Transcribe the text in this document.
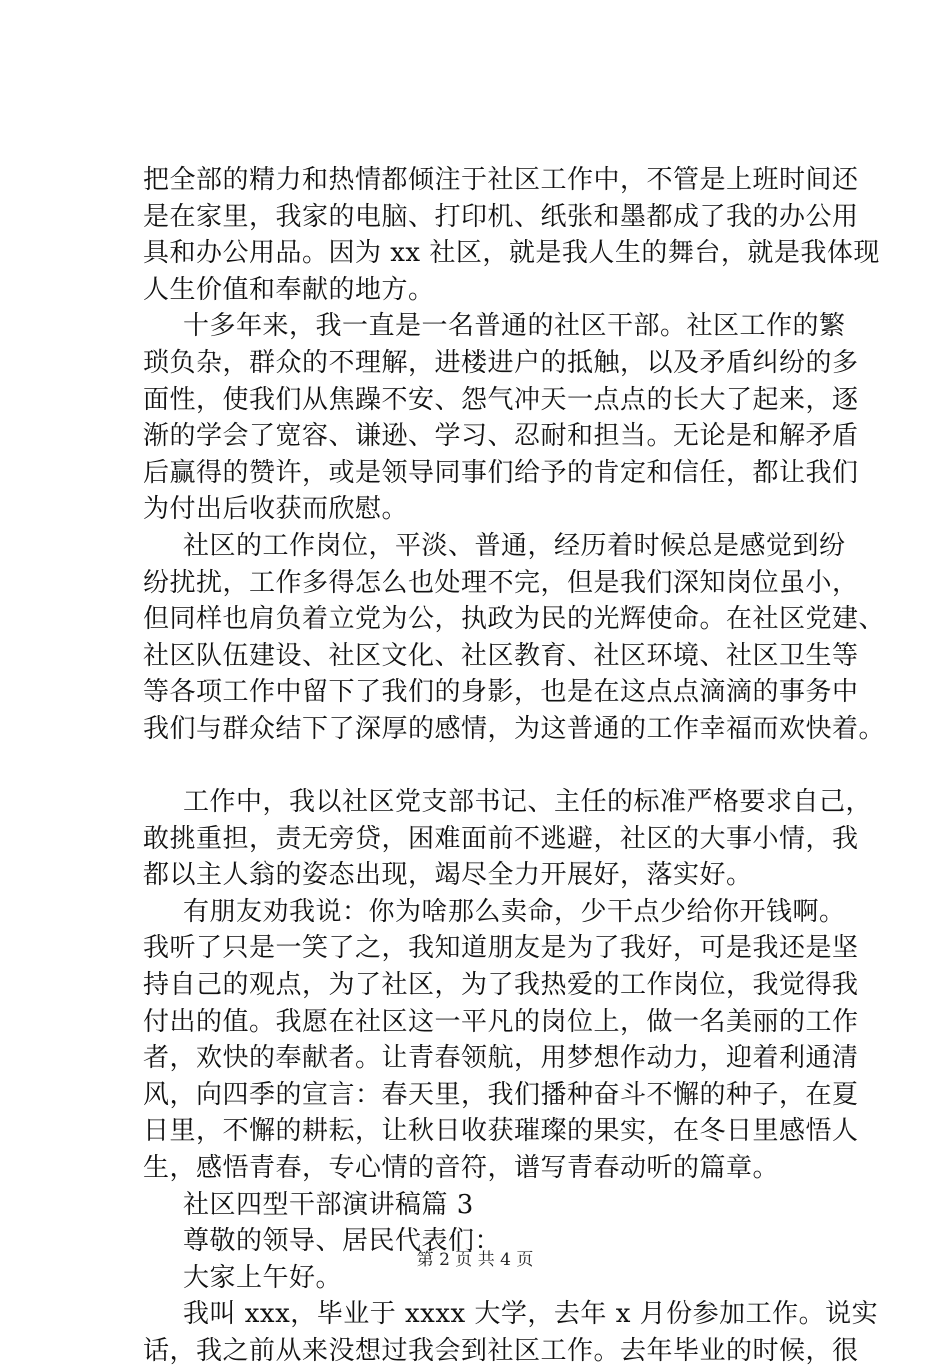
把全部的精力和热情都倾注于社区工作中，不管是上班时间还
是在家里，我家的电脑、打印机、纸张和墨都成了我的办公用
具和办公用品。因为 xx 社区，就是我人生的舞台，就是我体现
人生价值和奉献的地方。
十多年来，我一直是一名普通的社区干部。社区工作的繁
琐负杂，群众的不理解，进楼进户的抵触，以及矛盾纠纷的多
面性，使我们从焦躁不安、怨气冲天一点点的长大了起来，逐
渐的学会了宽容、谦逊、学习、忍耐和担当。无论是和解矛盾
后赢得的赞许，或是领导同事们给予的肯定和信任，都让我们
为付出后收获而欣慰。
社区的工作岗位，平淡、普通，经历着时候总是感觉到纷
纷扰扰，工作多得怎么也处理不完，但是我们深知岗位虽小，
但同样也肩负着立党为公，执政为民的光辉使命。在社区党建、
社区队伍建设、社区文化、社区教育、社区环境、社区卫生等
等各项工作中留下了我们的身影，也是在这点点滴滴的事务中
我们与群众结下了深厚的感情，为这普通的工作幸福而欢快着。
工作中，我以社区党支部书记、主任的标准严格要求自己，
敢挑重担，责无旁贷，困难面前不逃避，社区的大事小情，我
都以主人翁的姿态出现，竭尽全力开展好，落实好。
有朋友劝我说：你为啥那么卖命，少干点少给你开钱啊。
我听了只是一笑了之，我知道朋友是为了我好，可是我还是坚
持自己的观点，为了社区，为了我热爱的工作岗位，我觉得我
付出的值。我愿在社区这一平凡的岗位上，做一名美丽的工作
者，欢快的奉献者。让青春领航，用梦想作动力，迎着利通清
风，向四季的宣言：春天里，我们播种奋斗不懈的种子，在夏
日里，不懈的耕耘，让秋日收获璀璨的果实，在冬日里感悟人
生，感悟青春，专心情的音符，谱写青春动听的篇章。
社区四型干部演讲稿篇 3
尊敬的领导、居民代表们：
大家上午好。
我叫 xxx，毕业于 xxxx 大学，去年 x 月份参加工作。说实
话，我之前从来没想过我会到社区工作。去年毕业的时候，很
第 2 页 共 4 页
